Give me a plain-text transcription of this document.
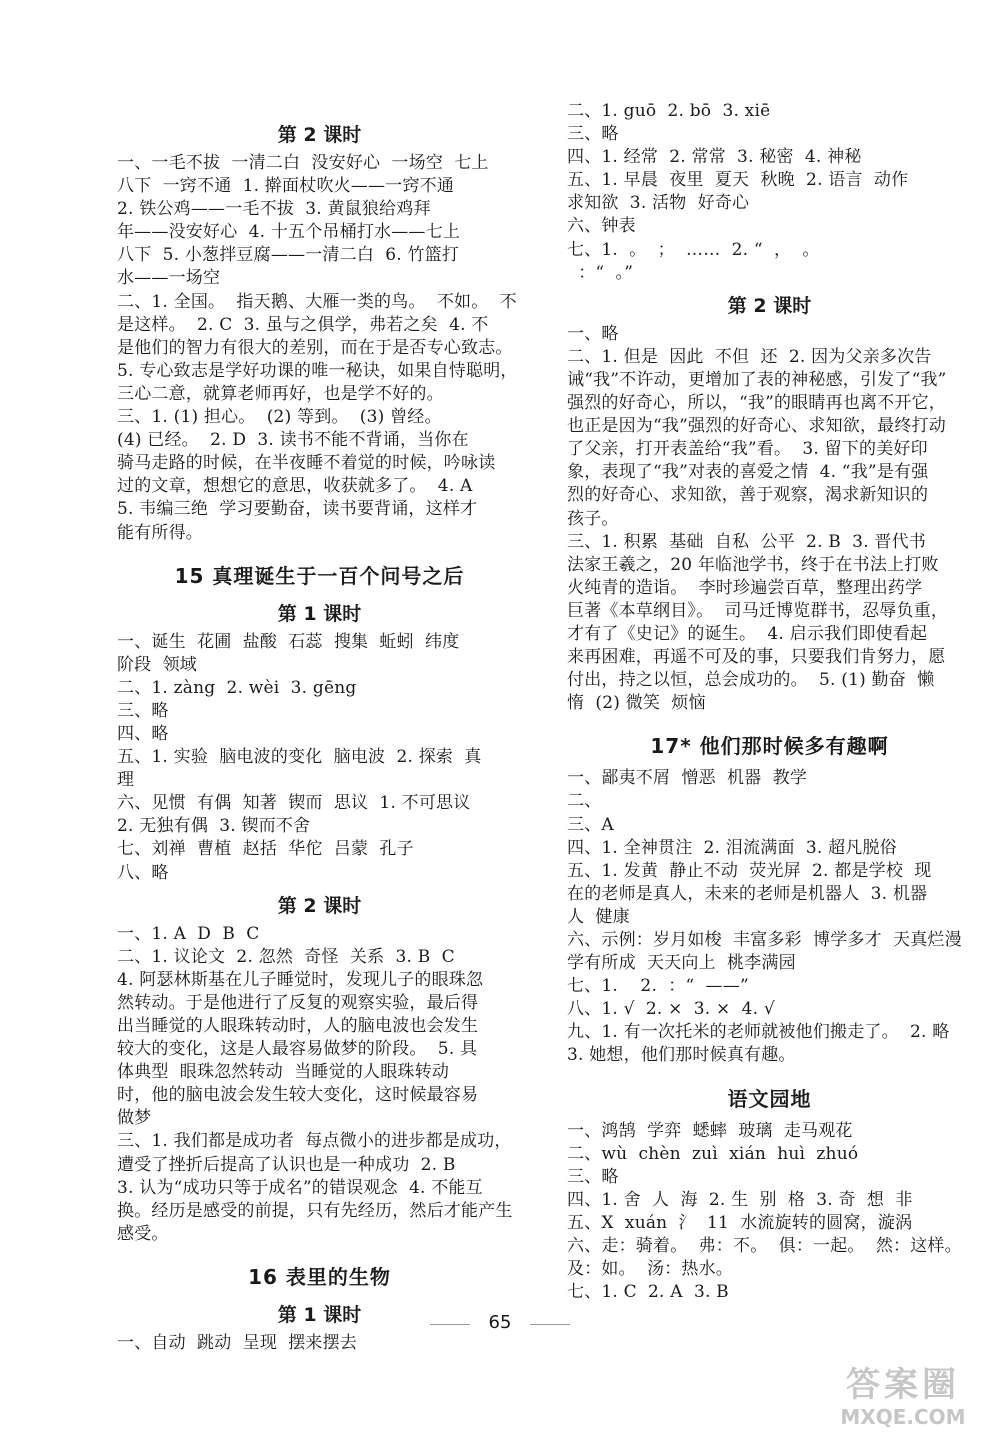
第 2 课时
一、一毛不拔  一清二白  没安好心  一场空  七上
八下  一窍不通  1. 擀面杖吹火——一窍不通
2. 铁公鸡——一毛不拔  3. 黄鼠狼给鸡拜
年——没安好心  4. 十五个吊桶打水——七上
八下  5. 小葱拌豆腐——一清二白  6. 竹篮打
水——一场空
二、1. 全国。  指天鹅、大雁一类的鸟。  不如。  不
是这样。  2. C  3. 虽与之俱学，弗若之矣  4. 不
是他们的智力有很大的差别，而在于是否专心致志。
5. 专心致志是学好功课的唯一秘诀，如果自恃聪明，
三心二意，就算老师再好，也是学不好的。
三、1. (1) 担心。  (2) 等到。  (3) 曾经。
(4) 已经。  2. D  3. 读书不能不背诵，当你在
骑马走路的时候，在半夜睡不着觉的时候，吟咏读
过的文章，想想它的意思，收获就多了。  4. A
5. 韦编三绝  学习要勤奋，读书要背诵，这样才
能有所得。
15 真理诞生于一百个问号之后
第 1 课时
一、诞生  花圃  盐酸  石蕊  搜集  蚯蚓  纬度
阶段  领域
二、1. zàng  2. wèi  3. gēng
三、略
四、略
五、1. 实验  脑电波的变化  脑电波  2. 探索  真
理
六、见惯  有偶  知著  锲而  思议  1. 不可思议
2. 无独有偶  3. 锲而不舍
七、刘禅  曹植  赵括  华佗  吕蒙  孔子
八、略
第 2 课时
一、1. A  D  B  C
二、1. 议论文  2. 忽然  奇怪  关系  3. B  C
4. 阿瑟林斯基在儿子睡觉时，发现儿子的眼珠忽
然转动。于是他进行了反复的观察实验，最后得
出当睡觉的人眼珠转动时，人的脑电波也会发生
较大的变化，这是人最容易做梦的阶段。  5. 具
体典型  眼珠忽然转动  当睡觉的人眼珠转动
时，他的脑电波会发生较大变化，这时候最容易
做梦
三、1. 我们都是成功者  每点微小的进步都是成功，
遭受了挫折后提高了认识也是一种成功  2. B
3. 认为“成功只等于成名”的错误观念  4. 不能互
换。经历是感受的前提，只有先经历，然后才能产生
感受。
16 表里的生物
第 1 课时
一、自动  跳动  呈现  摆来摆去
二、1. guō  2. bō  3. xiē
三、略
四、1. 经常  2. 常常  3. 秘密  4. 神秘
五、1. 早晨  夜里  夏天  秋晚  2. 语言  动作
求知欲  3. 活物  好奇心
六、钟表
七、1.  。  ；  ……  2. “  ，  。
：“  。”
第 2 课时
一、略
二、1. 但是  因此  不但  还  2. 因为父亲多次告
诫“我”不许动，更增加了表的神秘感，引发了“我”
强烈的好奇心，所以，“我”的眼睛再也离不开它，
也正是因为“我”强烈的好奇心、求知欲，最终打动
了父亲，打开表盖给“我”看。  3. 留下的美好印
象，表现了“我”对表的喜爱之情  4. “我”是有强
烈的好奇心、求知欲，善于观察，渴求新知识的
孩子。
三、1. 积累  基础  自私  公平  2. B  3. 晋代书
法家王羲之，20 年临池学书，终于在书法上打败
火纯青的造诣。  李时珍遍尝百草，整理出药学
巨著《本草纲目》。  司马迁博览群书，忍辱负重，
才有了《史记》的诞生。  4. 启示我们即使看起
来再困难，再遥不可及的事，只要我们肯努力，愿
付出，持之以恒，总会成功的。  5. (1) 勤奋  懒
惰  (2) 微笑  烦恼
17* 他们那时候多有趣啊
一、鄙夷不屑  憎恶  机器  教学
二、
三、A
四、1. 全神贯注  2. 泪流满面  3. 超凡脱俗
五、1. 发黄  静止不动  荧光屏  2. 都是学校  现
在的老师是真人，未来的老师是机器人  3. 机器
人  健康
六、示例：岁月如梭  丰富多彩  博学多才  天真烂漫
学有所成  天天向上  桃李满园
七、1.    2.  ：“  ——”
八、1. √  2. ×  3. ×  4. √
九、1. 有一次托米的老师就被他们搬走了。  2. 略
3. 她想，他们那时候真有趣。
语文园地
一、鸿鹄  学弈  蟋蟀  玻璃  走马观花
二、wù  chèn  zuì  xián  huì  zhuó
三、略
四、1. 舍  人  海  2. 生  别  格  3. 奇  想  非
五、X  xuán  氵  11  水流旋转的圆窝，漩涡
六、走：骑着。  弗：不。  俱：一起。  然：这样。
及：如。  汤：热水。
七、1. C  2. A  3. B
65
答案圈
MXQE.COM
